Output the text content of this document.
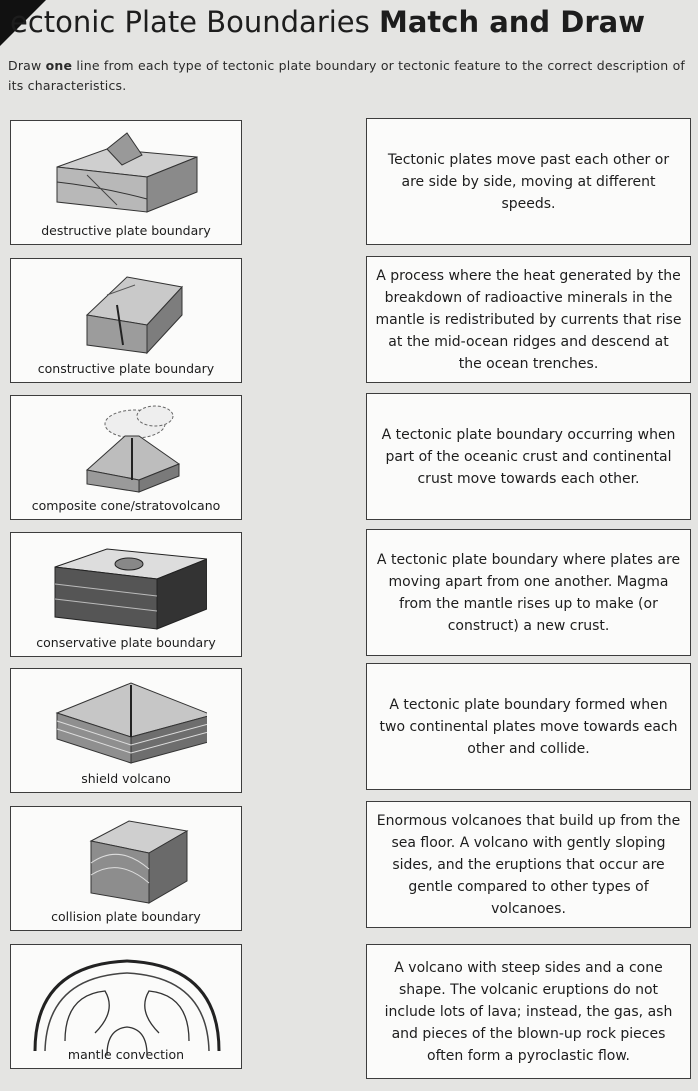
ectonic Plate Boundaries Match and Draw
Draw one line from each type of tectonic plate boundary or tectonic feature to the correct description of its characteristics.
destructive plate boundary
constructive plate boundary
composite cone/stratovolcano
conservative plate boundary
shield volcano
collision plate boundary
mantle convection
Tectonic plates move past each other or are side by side, moving at different speeds.
A process where the heat generated by the breakdown of radioactive minerals in the mantle is redistributed by currents that rise at the mid-ocean ridges and descend at the ocean trenches.
A tectonic plate boundary occurring when part of the oceanic crust and continental crust move towards each other.
A tectonic plate boundary where plates are moving apart from one another. Magma from the mantle rises up to make (or construct) a new crust.
A tectonic plate boundary formed when two continental plates move towards each other and collide.
Enormous volcanoes that build up from the sea floor. A volcano with gently sloping sides, and the eruptions that occur are gentle compared to other types of volcanoes.
A volcano with steep sides and a cone shape. The volcanic eruptions do not include lots of lava; instead, the gas, ash and pieces of the blown-up rock pieces often form a pyroclastic flow.
